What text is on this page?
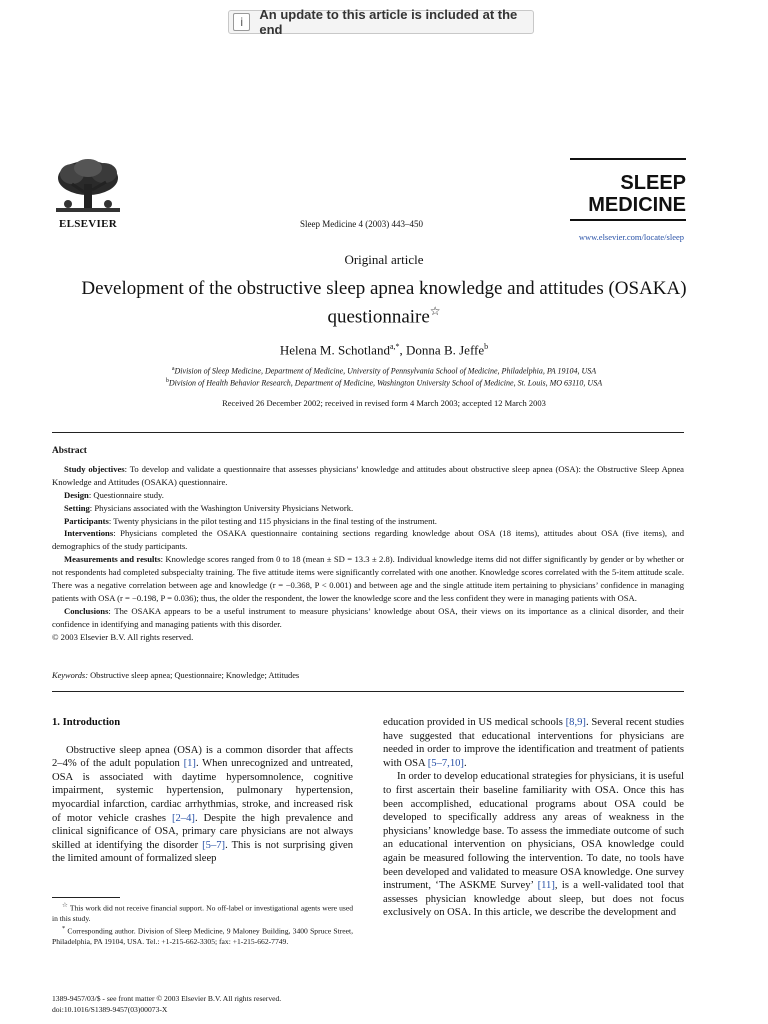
i	An update to this article is included at the end
ELSEVIER	Sleep Medicine 4 (2003) 443–450
SLEEP
MEDICINE
www.elsevier.com/locate/sleep
Original article
Development of the obstructive sleep apnea knowledge and attitudes (OSAKA) questionnaire☆
Helena M. Schotland$^{a,*}$, Donna B. Jeffe$^b$
$^a$Division of Sleep Medicine, Department of Medicine, University of Pennsylvania School of Medicine, Philadelphia, PA 19104, USA
$^b$Division of Health Behavior Research, Department of Medicine, Washington University School of Medicine, St. Louis, MO 63110, USA
Received 26 December 2002; received in revised form 4 March 2003; accepted 12 March 2003
Abstract

Study objectives: To develop and validate a questionnaire that assesses physicians’ knowledge and attitudes about obstructive sleep apnea (OSA): the Obstructive Sleep Apnea Knowledge and Attitudes (OSAKA) questionnaire.

Design: Questionnaire study.

Setting: Physicians associated with the Washington University Physicians Network.

Participants: Twenty physicians in the pilot testing and 115 physicians in the final testing of the instrument.

Interventions: Physicians completed the OSAKA questionnaire containing sections regarding knowledge about OSA (18 items), attitudes about OSA (five items), and demographics of the study participants.

Measurements and results: Knowledge scores ranged from 0 to 18 (mean ± SD = 13.3 ± 2.8). Individual knowledge items did not differ significantly by gender or by whether or not respondents had completed subspecialty training. The five attitude items were significantly correlated with one another. Knowledge scores correlated with the 5-item attitude scale. There was a negative correlation between age and knowledge (r = −0.368, P < 0.001) and between age and the single attitude item pertaining to physicians’ confidence in managing patients with OSA (r = −0.198, P = 0.036); thus, the older the respondent, the lower the knowledge score and the less confident they were in managing patients with OSA.

Conclusions: The OSAKA appears to be a useful instrument to measure physicians’ knowledge about OSA, their views on its importance as a clinical disorder, and their confidence in identifying and managing patients with this disorder.

© 2003 Elsevier B.V. All rights reserved.

Keywords: Obstructive sleep apnea; Questionnaire; Knowledge; Attitudes
1. Introduction

Obstructive sleep apnea (OSA) is a common disorder that affects 2–4% of the adult population [1]. When unrecognized and untreated, OSA is associated with daytime hypersomnolence, cognitive impairment, systemic hypertension, pulmonary hypertension, myocardial infarction, cardiac arrhythmias, stroke, and increased risk of motor vehicle crashes [2–4]. Despite the high prevalence and clinical significance of OSA, primary care physicians are not always skilled at identifying the disorder [5–7]. This is not surprising given the limited amount of formalized sleep

education provided in US medical schools [8,9]. Several recent studies have suggested that educational interventions for physicians are needed in order to improve the identification and treatment of patients with OSA [5–7,10].

In order to develop educational strategies for physicians, it is useful to first ascertain their baseline familiarity with OSA. Once this has been accomplished, educational programs about OSA could be developed to specifically address any areas of weakness in the physicians’ knowledge base. To assess the immediate outcome of such an educational intervention on physicians, OSA knowledge could again be measured following the intervention. To date, no tools have been developed and validated to measure OSA knowledge. One survey instrument, ‘The ASKME Survey’ [11], is a well-validated tool that assesses physician knowledge about sleep, but does not focus exclusively on OSA. In this article, we describe the development and

☆ This work did not receive financial support. No off-label or investigational agents were used in this study.

* Corresponding author. Division of Sleep Medicine, 9 Maloney Building, 3400 Spruce Street, Philadelphia, PA 19104, USA. Tel.: +1-215-662-3305; fax: +1-215-662-7749.

1389-9457/03/$ - see front matter © 2003 Elsevier B.V. All rights reserved.
doi:10.1016/S1389-9457(03)00073-X
